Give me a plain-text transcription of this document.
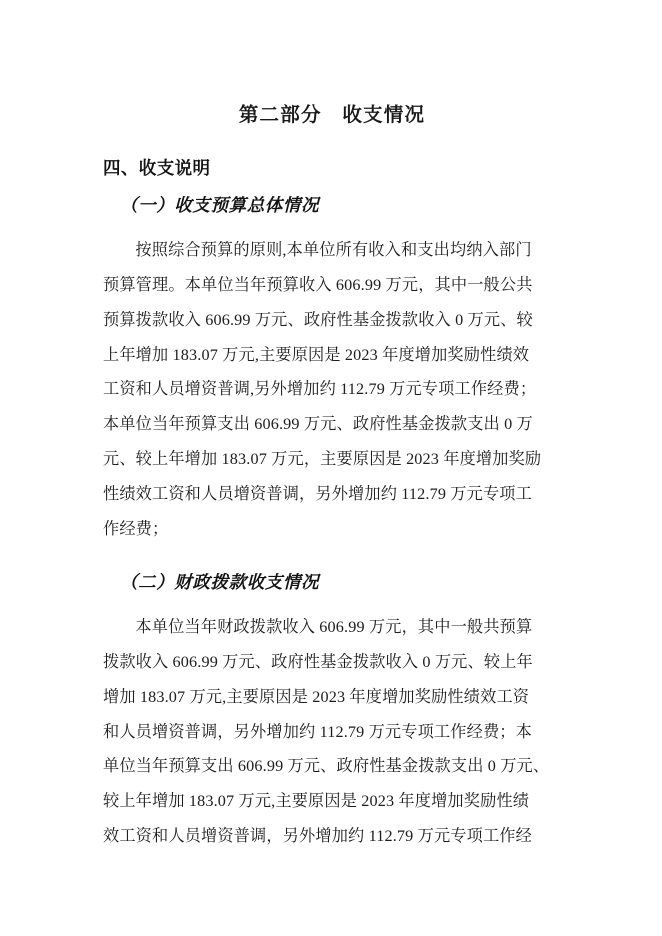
第二部分　收支情况
四、收支说明
（一）收支预算总体情况
按照综合预算的原则,本单位所有收入和支出均纳入部门
预算管理。本单位当年预算收入 606.99 万元，其中一般公共
预算拨款收入 606.99 万元、政府性基金拨款收入 0 万元、较
上年增加 183.07 万元,主要原因是 2023 年度增加奖励性绩效
工资和人员增资普调,另外增加约 112.79 万元专项工作经费；
本单位当年预算支出 606.99 万元、政府性基金拨款支出 0 万
元、较上年增加 183.07 万元，主要原因是 2023 年度增加奖励
性绩效工资和人员增资普调，另外增加约 112.79 万元专项工
作经费；
（二）财政拨款收支情况
本单位当年财政拨款收入 606.99 万元，其中一般共预算
拨款收入 606.99 万元、政府性基金拨款收入 0 万元、较上年
增加 183.07 万元,主要原因是 2023 年度增加奖励性绩效工资
和人员增资普调，另外增加约 112.79 万元专项工作经费；本
单位当年预算支出 606.99 万元、政府性基金拨款支出 0 万元、
较上年增加 183.07 万元,主要原因是 2023 年度增加奖励性绩
效工资和人员增资普调，另外增加约 112.79 万元专项工作经
